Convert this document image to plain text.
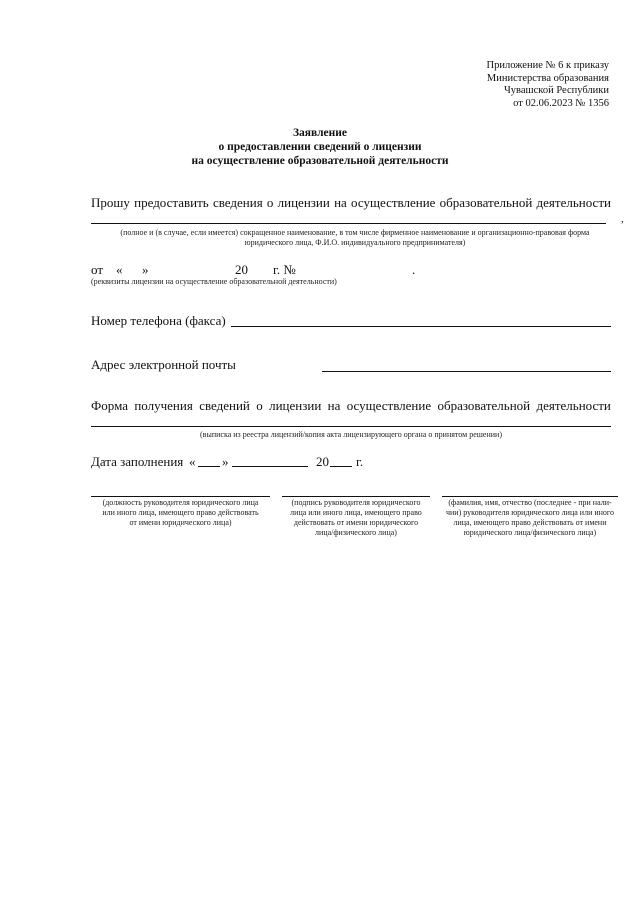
Приложение № 6 к приказу
Министерства образования
Чувашской Республики
от 02.06.2023 № 1356
Заявление
о предоставлении сведений о лицензии
на осуществление образовательной деятельности
Прошу предоставить сведения о лицензии на осуществление образовательной деятельности
,
(полное и (в случае, если имеется) сокращенное наименование, в том числе фирменное наименование и организационно-правовая форма
юридического лица, Ф.И.О. индивидуального предпринимателя)
от « »	20 г. №	.
(реквизиты лицензии на осуществление образовательной деятельности)
Номер телефона (факса)
Адрес электронной почты
Форма получения сведений о лицензии на осуществление образовательной деятельности
(выписка из реестра лицензий/копия акта лицензирующего органа о принятом решении)
Дата заполнения « »	20 г.
(должность руководителя юридического лица
или иного лица, имеющего право действовать
от имени юридического лица)
(подпись руководителя юридического
лица или иного лица, имеющего право
действовать от имени юридического
лица/физического лица)
(фамилия, имя, отчество (последнее - при нали-
чии) руководителя юридического лица или иного
лица, имеющего право действовать от имени
юридического лица/физического лица)
